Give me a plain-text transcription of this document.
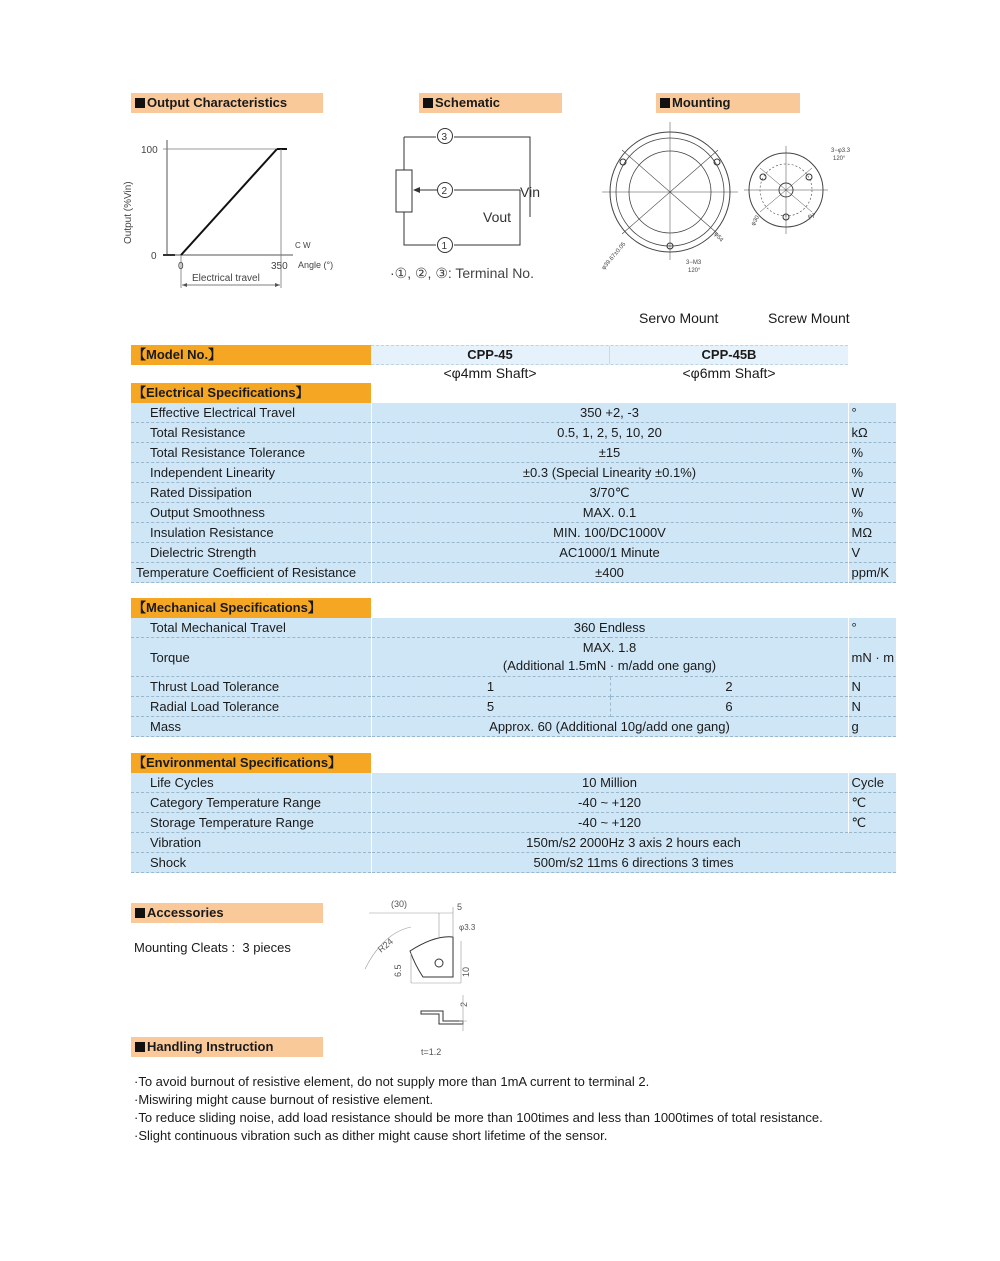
Output Characteristics	Schematic	Mounting
Output (%Vin)
100
0
0	350
C W
Angle (°)
Electrical travel
3
2
1
Vin
Vout
·①, ②, ③: Terminal No.
φ39.67±0.05
φ54
3−M3
120°
3−φ3.3
120°
φ30	φ7
Servo Mount	Screw Mount
【Model No.】	CPP-45	CPP-45B
<φ4mm Shaft>	<φ6mm Shaft>
【Electrical Specifications】
Effective Electrical Travel	350 +2, -3	°
Total Resistance	0.5, 1, 2, 5, 10, 20	kΩ
Total Resistance Tolerance	±15	%
Independent Linearity	±0.3 (Special Linearity ±0.1%)	%
Rated Dissipation	3/70℃	W
Output Smoothness	MAX. 0.1	%
Insulation Resistance	MIN. 100/DC1000V	MΩ
Dielectric Strength	AC1000/1 Minute	V
Temperature Coefficient of Resistance	±400	ppm/K
【Mechanical Specifications】
Total Mechanical Travel	360 Endless		°
Torque	MAX. 1.8
(Additional 1.5mN · m/add one gang)		mN · m
Thrust Load Tolerance	1	2	N
Radial Load Tolerance	5	6	N
Mass	Approx. 60 (Additional 10g/add one gang)		g
【Environmental Specifications】
Life Cycles	10 Million	Cycle
Category Temperature Range	-40 ~ +120	℃
Storage Temperature Range	-40 ~ +120	℃
Vibration	150m/s2 2000Hz 3 axis 2 hours each	
Shock	500m/s2 11ms 6 directions 3 times	
Accessories
Mounting Cleats : 3 pieces
(30)	5
φ3.3
R24
6.5	10
2
t=1.2
Handling Instruction
·To avoid burnout of resistive element, do not supply more than 1mA current to terminal 2.
·Miswiring might cause burnout of resistive element.
·To reduce sliding noise, add load resistance should be more than 100times and less than 1000times of total resistance.
·Slight continuous vibration such as dither might cause short lifetime of the sensor.
